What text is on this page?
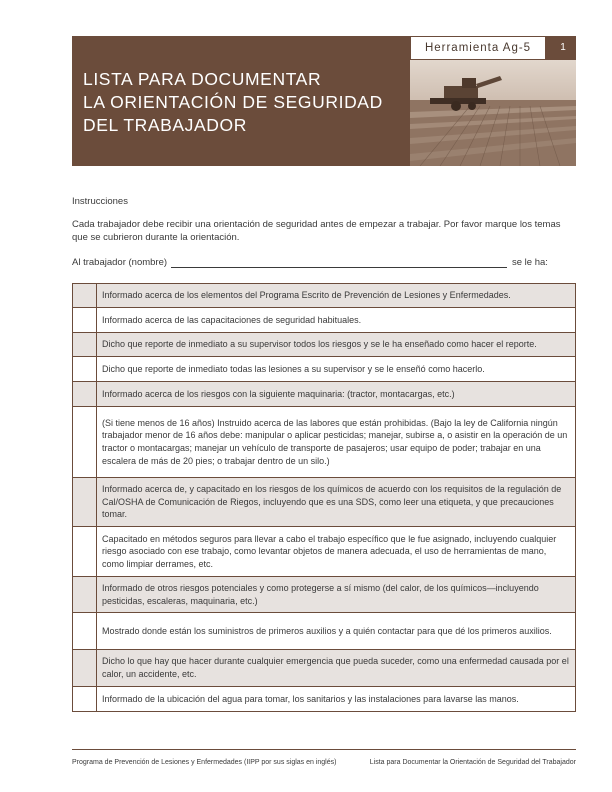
LISTA PARA DOCUMENTAR
LA ORIENTACIÓN DE SEGURIDAD
DEL TRABAJADOR
Herramienta Ag-5	1
Instrucciones
Cada trabajador debe recibir una orientación de seguridad antes de empezar a trabajar. Por favor marque los temas que se cubrieron durante la orientación.
Al trabajador (nombre)	se le ha:
	Informado acerca de los elementos del Programa Escrito de Prevención de Lesiones y Enfermedades.
	Informado acerca de las capacitaciones de seguridad habituales.
	Dicho que reporte de inmediato a su supervisor todos los riesgos y se le ha enseñado como hacer el reporte.
	Dicho que reporte de inmediato todas las lesiones a su supervisor y se le enseñó como hacerlo.
	Informado acerca de los riesgos con la siguiente maquinaria: (tractor, montacargas, etc.)
	(Si tiene menos de 16 años) Instruido acerca de las labores que están prohibidas. (Bajo la ley de California ningún trabajador menor de 16 años debe: manipular o aplicar pesticidas; manejar, subirse a, o asistir en la operación de un tractor o montacargas; manejar un vehículo de transporte de pasajeros; usar equipo de poder; trabajar en una escalera de más de 20 pies; o trabajar dentro de un silo.)
	Informado acerca de, y capacitado en los riesgos de los químicos de acuerdo con los requisitos de la regulación de Cal/OSHA de Comunicación de Riegos, incluyendo que es una SDS, como leer una etiqueta, y que precauciones tomar.
	Capacitado en métodos seguros para llevar a cabo el trabajo específico que le fue asignado, incluyendo cualquier riesgo asociado con ese trabajo, como levantar objetos de manera adecuada, el uso de herramientas de mano, como limpiar derrames, etc.
	Informado de otros riesgos potenciales y como protegerse a sí mismo (del calor, de los químicos—incluyendo pesticidas, escaleras, maquinaria, etc.)
	Mostrado donde están los suministros de primeros auxilios y a quién contactar para que dé los primeros auxilios.
	Dicho lo que hay que hacer durante cualquier emergencia que pueda suceder, como una enfermedad causada por el calor, un accidente, etc.
	Informado de la ubicación del agua para tomar, los sanitarios y las instalaciones para lavarse las manos.
Programa de Prevención de Lesiones y Enfermedades (IIPP por sus siglas en inglés)	Lista para Documentar la Orientación de Seguridad del Trabajador
